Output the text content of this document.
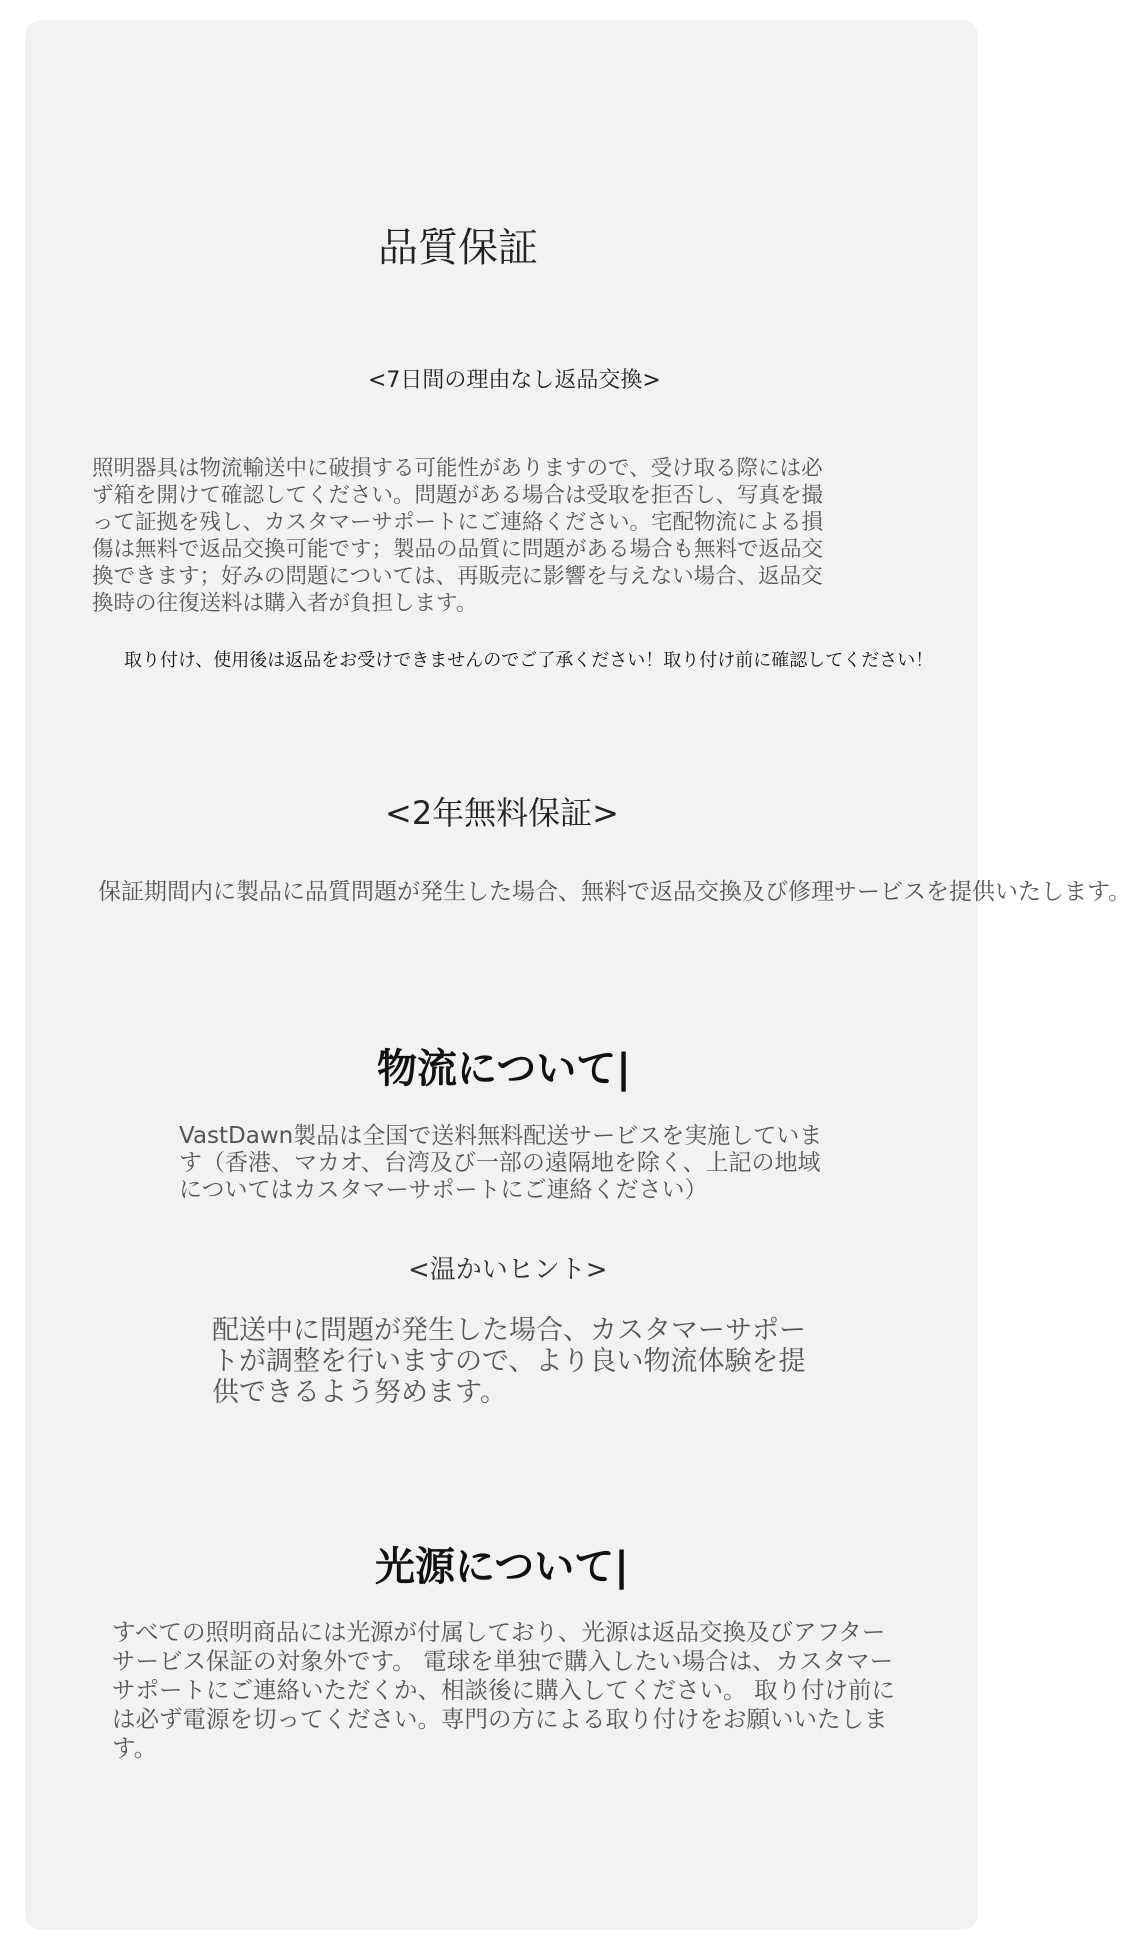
品質保証
<7日間の理由なし返品交換>
照明器具は物流輸送中に破損する可能性がありますので、受け取る際には必ず箱を開けて確認してください。問題がある場合は受取を拒否し、写真を撮って証拠を残し、カスタマーサポートにご連絡ください。宅配物流による損傷は無料で返品交換可能です；製品の品質に問題がある場合も無料で返品交換できます；好みの問題については、再販売に影響を与えない場合、返品交換時の往復送料は購入者が負担します。
取り付け、使用後は返品をお受けできませんのでご了承ください！取り付け前に確認してください！
<2年無料保証>
保証期間内に製品に品質問題が発生した場合、無料で返品交換及び修理サービスを提供いたします。
物流について|
VastDawn製品は全国で送料無料配送サービスを実施しています（香港、マカオ、台湾及び一部の遠隔地を除く、上記の地域についてはカスタマーサポートにご連絡ください）
<温かいヒント>
配送中に問題が発生した場合、カスタマーサポートが調整を行いますので、より良い物流体験を提供できるよう努めます。
光源について|
すべての照明商品には光源が付属しており、光源は返品交換及びアフターサービス保証の対象外です。 電球を単独で購入したい場合は、カスタマーサポートにご連絡いただくか、相談後に購入してください。 取り付け前には必ず電源を切ってください。専門の方による取り付けをお願いいたします。
